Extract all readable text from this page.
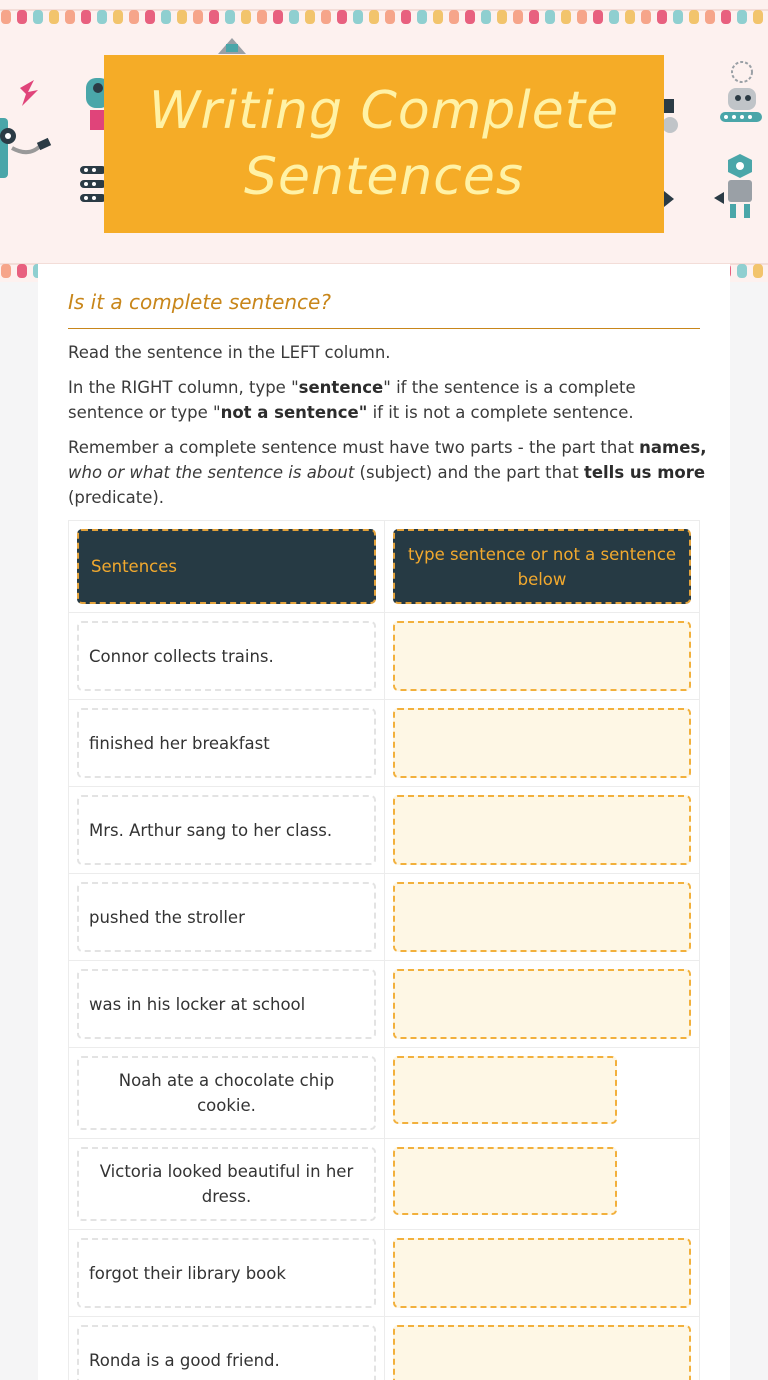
Writing Complete Sentences
Is it a complete sentence?

Read the sentence in the LEFT column.

In the RIGHT column, type "sentence" if the sentence is a complete sentence or type "not a sentence" if it is not a complete sentence.

Remember a complete sentence must have two parts - the part that names, who or what the sentence is about (subject) and the part that tells us more (predicate).

Sentences
type sentence or not a sentence below
Connor collects trains.
finished her breakfast
Mrs. Arthur sang to her class.
pushed the stroller
was in his locker at school
Noah ate a chocolate chip cookie.
Victoria looked beautiful in her dress.
forgot their library book
Ronda is a good friend.
